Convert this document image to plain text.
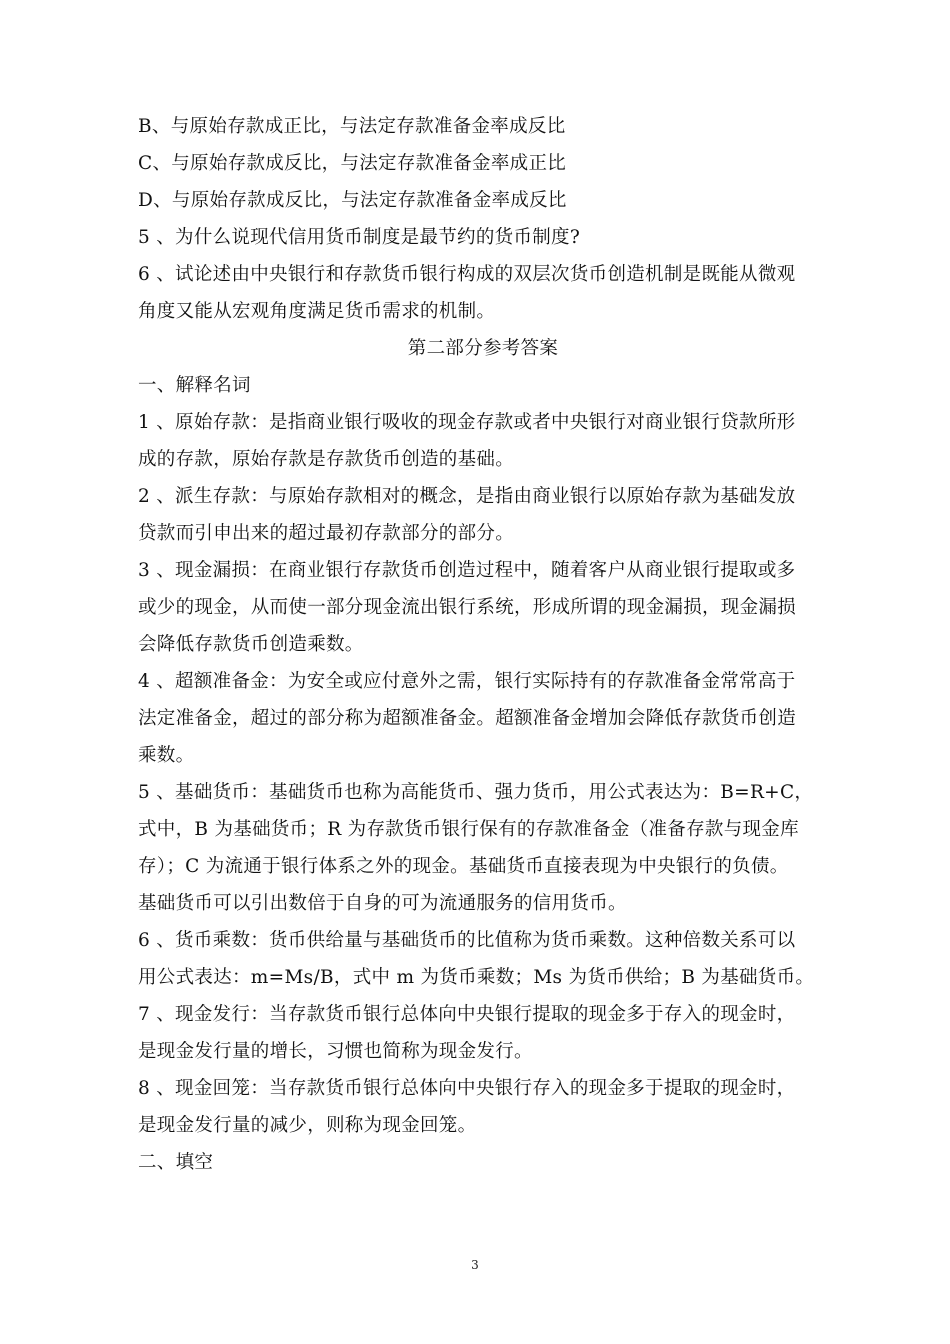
B、与原始存款成正比，与法定存款准备金率成反比
C、与原始存款成反比，与法定存款准备金率成正比
D、与原始存款成反比，与法定存款准备金率成反比
5 、为什么说现代信用货币制度是最节约的货币制度?
6 、试论述由中央银行和存款货币银行构成的双层次货币创造机制是既能从微观
角度又能从宏观角度满足货币需求的机制。
第二部分参考答案
一、解释名词
1 、原始存款：是指商业银行吸收的现金存款或者中央银行对商业银行贷款所形
成的存款，原始存款是存款货币创造的基础。
2 、派生存款：与原始存款相对的概念，是指由商业银行以原始存款为基础发放
贷款而引申出来的超过最初存款部分的部分。
3 、现金漏损：在商业银行存款货币创造过程中，随着客户从商业银行提取或多
或少的现金，从而使一部分现金流出银行系统，形成所谓的现金漏损，现金漏损
会降低存款货币创造乘数。
4 、超额准备金：为安全或应付意外之需，银行实际持有的存款准备金常常高于
法定准备金，超过的部分称为超额准备金。超额准备金增加会降低存款货币创造
乘数。
5 、基础货币：基础货币也称为高能货币、强力货币，用公式表达为：B=R+C，
式中，B 为基础货币；R 为存款货币银行保有的存款准备金（准备存款与现金库
存）；C 为流通于银行体系之外的现金。基础货币直接表现为中央银行的负债。
基础货币可以引出数倍于自身的可为流通服务的信用货币。
6 、货币乘数：货币供给量与基础货币的比值称为货币乘数。这种倍数关系可以
用公式表达：m=Ms/B，式中 m 为货币乘数；Ms 为货币供给；B 为基础货币。
7 、现金发行：当存款货币银行总体向中央银行提取的现金多于存入的现金时，
是现金发行量的增长，习惯也简称为现金发行。
8 、现金回笼：当存款货币银行总体向中央银行存入的现金多于提取的现金时，
是现金发行量的减少，则称为现金回笼。
二、填空
3
